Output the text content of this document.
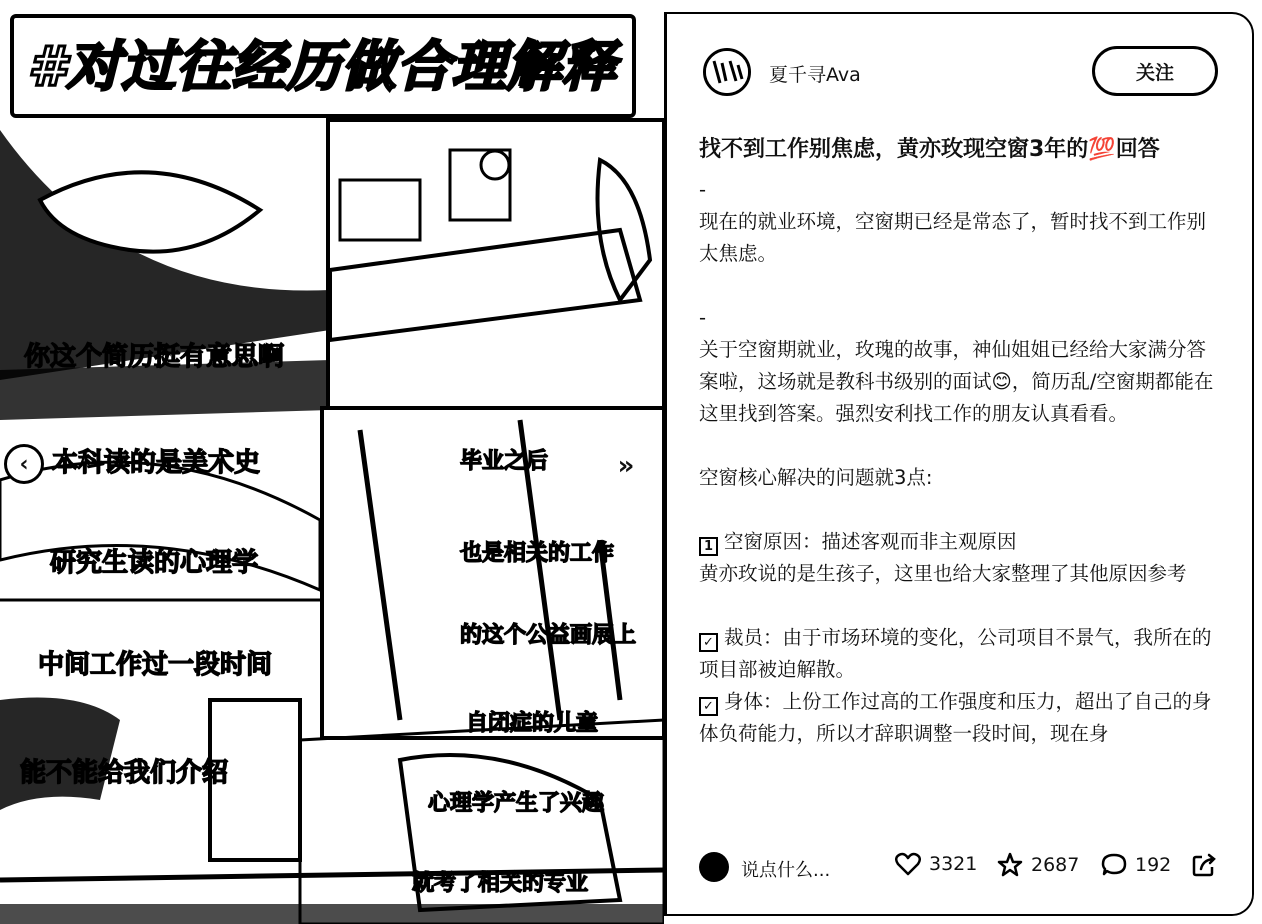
#对过往经历做合理解释
你这个简历挺有意思啊
本科读的是美术史
研究生读的心理学
中间工作过一段时间
能不能给我们介绍
毕业之后
也是相关的工作
的这个公益画展上
自闭症的儿童
心理学产生了兴趣
就考了相关的专业
‹	»
夏千寻Ava	关注
找不到工作别焦虑，黄亦玫现空窗3年的💯回答

-

现在的就业环境，空窗期已经是常态了，暂时找不到工作别太焦虑。

-

关于空窗期就业，玫瑰的故事，神仙姐姐已经给大家满分答案啦，这场就是教科书级别的面试😊，简历乱/空窗期都能在这里找到答案。强烈安利找工作的朋友认真看看。

空窗核心解决的问题就3点:

1 空窗原因：描述客观而非主观原因

黄亦玫说的是生孩子，这里也给大家整理了其他原因参考

✓ 裁员：由于市场环境的变化，公司项目不景气，我所在的项目部被迫解散。

✓ 身体：上份工作过高的工作强度和压力，超出了自己的身体负荷能力，所以才辞职调整一段时间，现在身

说点什么...	3321	2687	192
